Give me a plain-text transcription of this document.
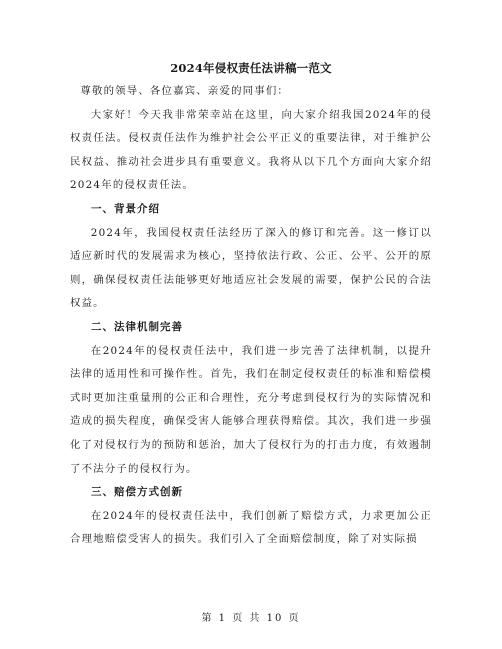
2024年侵权责任法讲稿一范文

尊敬的领导、各位嘉宾、亲爱的同事们：

大家好！今天我非常荣幸站在这里，向大家介绍我国2024年的侵权责任法。侵权责任法作为维护社会公平正义的重要法律，对于维护公民权益、推动社会进步具有重要意义。我将从以下几个方面向大家介绍2024年的侵权责任法。

一、背景介绍

2024年，我国侵权责任法经历了深入的修订和完善。这一修订以适应新时代的发展需求为核心，坚持依法行政、公正、公平、公开的原则，确保侵权责任法能够更好地适应社会发展的需要，保护公民的合法权益。

二、法律机制完善

在2024年的侵权责任法中，我们进一步完善了法律机制，以提升法律的适用性和可操作性。首先，我们在制定侵权责任的标准和赔偿模式时更加注重量刑的公正和合理性，充分考虑到侵权行为的实际情况和造成的损失程度，确保受害人能够合理获得赔偿。其次，我们进一步强化了对侵权行为的预防和惩治，加大了侵权行为的打击力度，有效遏制了不法分子的侵权行为。

三、赔偿方式创新

在2024年的侵权责任法中，我们创新了赔偿方式，力求更加公正合理地赔偿受害人的损失。我们引入了全面赔偿制度，除了对实际损

第 1 页 共 10 页
